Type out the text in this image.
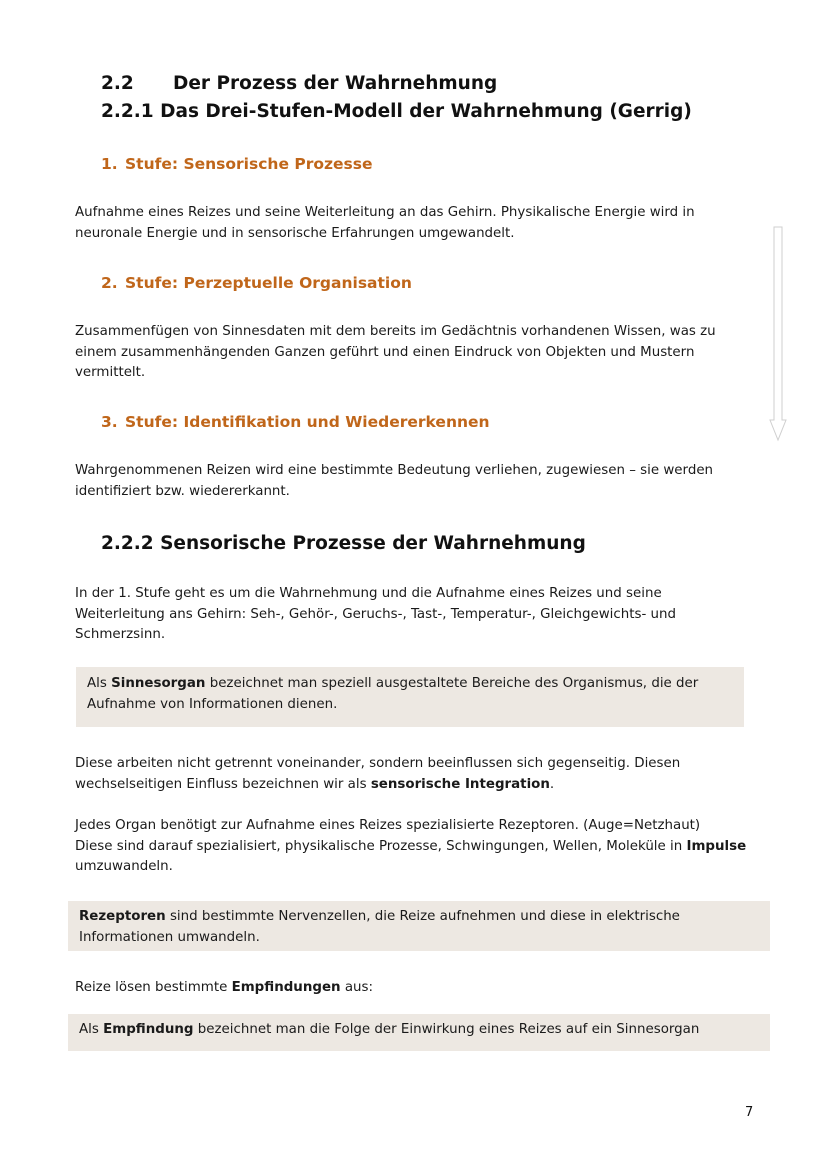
2.2 Der Prozess der Wahrnehmung
2.2.1 Das Drei-Stufen-Modell der Wahrnehmung (Gerrig)
1. Stufe: Sensorische Prozesse
Aufnahme eines Reizes und seine Weiterleitung an das Gehirn. Physikalische Energie wird in
neuronale Energie und in sensorische Erfahrungen umgewandelt.
2. Stufe: Perzeptuelle Organisation
Zusammenfügen von Sinnesdaten mit dem bereits im Gedächtnis vorhandenen Wissen, was zu
einem zusammenhängenden Ganzen geführt und einen Eindruck von Objekten und Mustern
vermittelt.
3. Stufe: Identifikation und Wiedererkennen
Wahrgenommenen Reizen wird eine bestimmte Bedeutung verliehen, zugewiesen – sie werden
identifiziert bzw. wiedererkannt.
2.2.2 Sensorische Prozesse der Wahrnehmung
In der 1. Stufe geht es um die Wahrnehmung und die Aufnahme eines Reizes und seine
Weiterleitung ans Gehirn: Seh-, Gehör-, Geruchs-, Tast-, Temperatur-, Gleichgewichts- und
Schmerzsinn.
Als Sinnesorgan bezeichnet man speziell ausgestaltete Bereiche des Organismus, die der
Aufnahme von Informationen dienen.
Diese arbeiten nicht getrennt voneinander, sondern beeinflussen sich gegenseitig. Diesen
wechselseitigen Einfluss bezeichnen wir als sensorische Integration.
Jedes Organ benötigt zur Aufnahme eines Reizes spezialisierte Rezeptoren. (Auge=Netzhaut)
Diese sind darauf spezialisiert, physikalische Prozesse, Schwingungen, Wellen, Moleküle in Impulse
umzuwandeln.
Rezeptoren sind bestimmte Nervenzellen, die Reize aufnehmen und diese in elektrische
Informationen umwandeln.
Reize lösen bestimmte Empfindungen aus:
Als Empfindung bezeichnet man die Folge der Einwirkung eines Reizes auf ein Sinnesorgan
7
